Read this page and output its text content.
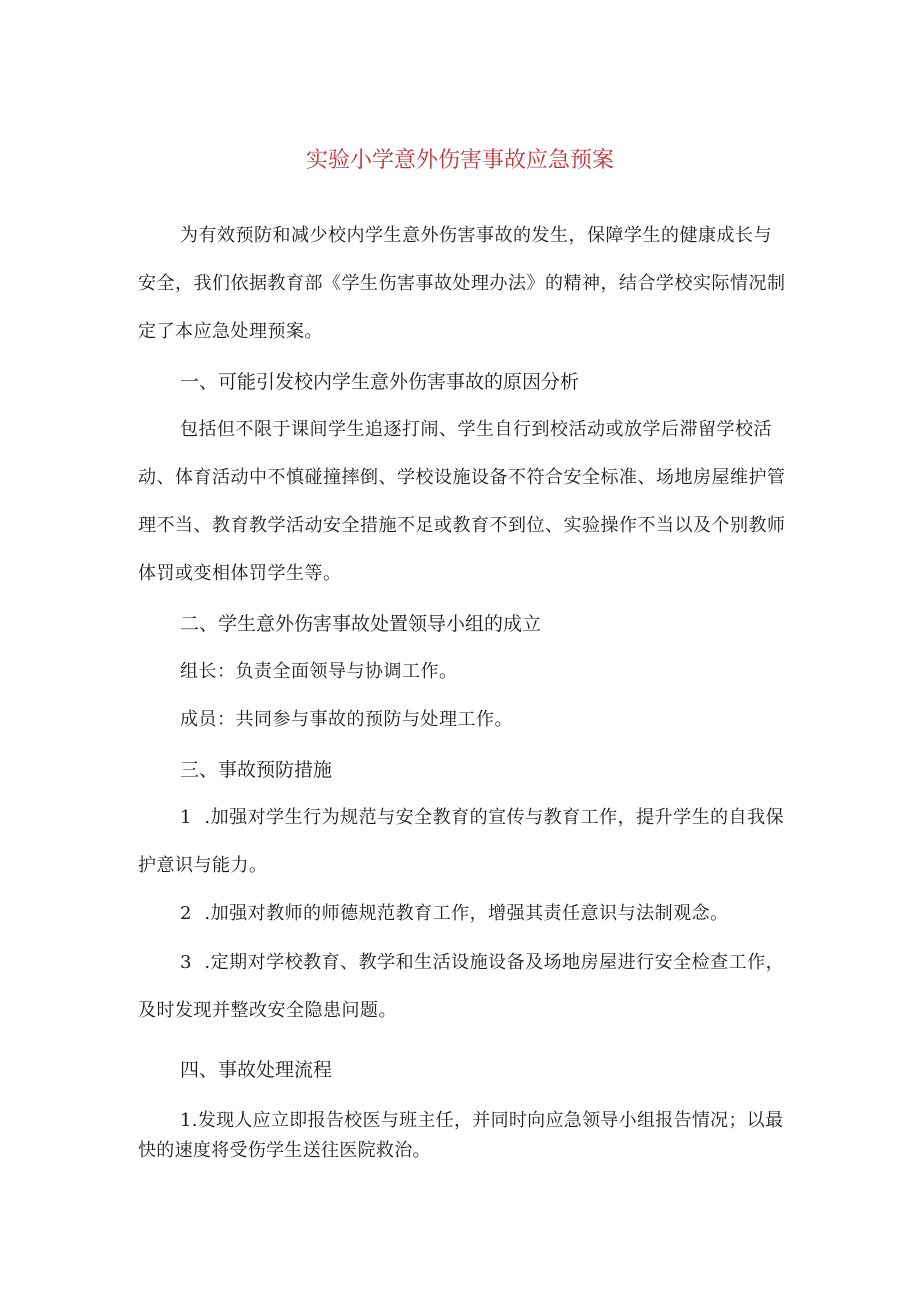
实验小学意外伤害事故应急预案

为有效预防和减少校内学生意外伤害事故的发生，保障学生的健康成长与安全，我们依据教育部《学生伤害事故处理办法》的精神，结合学校实际情况制定了本应急处理预案。

一、可能引发校内学生意外伤害事故的原因分析

包括但不限于课间学生追逐打闹、学生自行到校活动或放学后滞留学校活动、体育活动中不慎碰撞摔倒、学校设施设备不符合安全标准、场地房屋维护管理不当、教育教学活动安全措施不足或教育不到位、实验操作不当以及个别教师体罚或变相体罚学生等。

二、学生意外伤害事故处置领导小组的成立

组长：负责全面领导与协调工作。

成员：共同参与事故的预防与处理工作。

三、事故预防措施

1 .加强对学生行为规范与安全教育的宣传与教育工作，提升学生的自我保护意识与能力。

2 .加强对教师的师德规范教育工作，增强其责任意识与法制观念。

3 .定期对学校教育、教学和生活设施设备及场地房屋进行安全检查工作，及时发现并整改安全隐患问题。

四、事故处理流程

1.发现人应立即报告校医与班主任，并同时向应急领导小组报告情况；以最快的速度将受伤学生送往医院救治。
